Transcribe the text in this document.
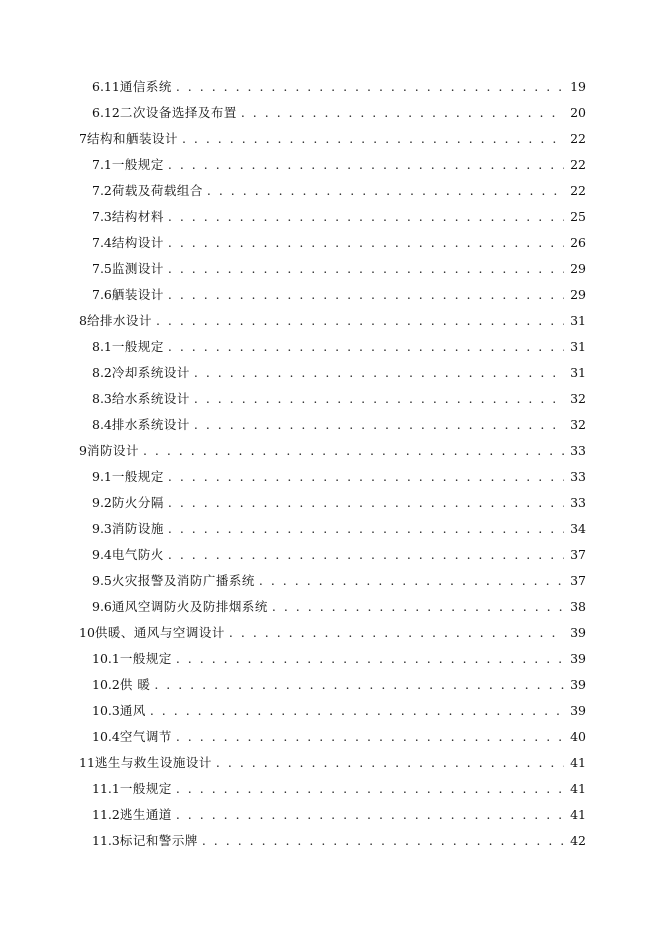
6.11 通信系统 . . .	19
6.12 二次设备选择及布置 . . .	20
7 结构和舾装设计 . . .	22
7.1 一般规定 . . .	22
7.2 荷载及荷载组合 . . .	22
7.3 结构材料 . . .	25
7.4 结构设计 . . .	26
7.5 监测设计 . . .	29
7.6 舾装设计 . . .	29
8 给排水设计 . . .	31
8.1 一般规定 . . .	31
8.2 冷却系统设计 . . .	31
8.3 给水系统设计 . . .	32
8.4 排水系统设计 . . .	32
9 消防设计 . . .	33
9.1 一般规定 . . .	33
9.2 防火分隔 . . .	33
9.3 消防设施 . . .	34
9.4 电气防火 . . .	37
9.5 火灾报警及消防广播系统 . . .	37
9.6 通风空调防火及防排烟系统 . . .	38
10 供暖、通风与空调设计 . . .	39
10.1 一般规定 . . .	39
10.2 供 暖 . . .	39
10.3 通风 . . .	39
10.4 空气调节 . . .	40
11 逃生与救生设施设计 . . .	41
11.1 一般规定 . . .	41
11.2 逃生通道 . . .	41
11.3 标记和警示牌 . . .	42
